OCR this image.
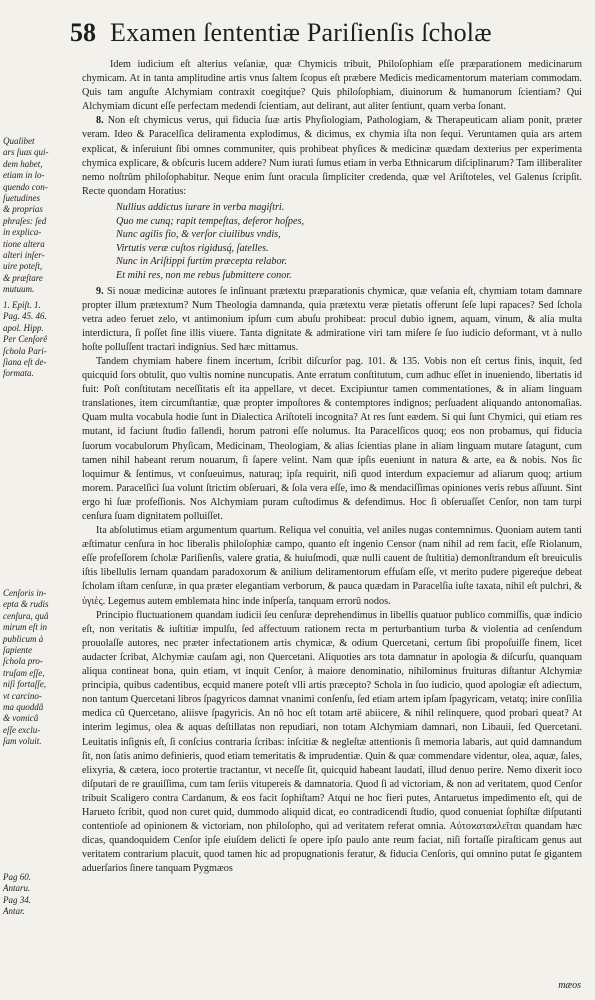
58 Examen ſententiæ Pariſienſis ſcholæ

Idem iudicium eſt alterius veſaniæ, quæ Chymicis tribuit, Philoſophiam eſſe præparationem medicinarum chymicam. At in tanta amplitudine artis vnus ſaltem ſcopus eſt præbere Medicis medicamentorum materiam commodam. Quis tam anguſte Alchymiam contraxit coegitq́ue? Quis philoſophiam, diuinorum & humanorum ſcientiam? Qui Alchymiam dicunt eſſe perfectam medendi ſcientiam, aut delirant, aut aliter ſentiunt, quam verba ſonant.

8. Non eſt chymicus verus, qui fiducia ſuæ artis Phyſiologiam, Pathologiam, & Therapeuticam aliam ponit, præter veram. Ideo & Paracelſica deliramenta explodimus, & dicimus, ex chymia iſta non ſequi. Veruntamen quia ars artem explicat, & inſeruiunt ſibi omnes communiter, quis prohibeat phyſices & medicinæ quædam dexterius per experimenta chymica explicare, & obſcuris lucem addere? Num iurati ſumus etiam in verba Ethnicarum diſciplinarum? Tam illiberaliter nemo noſtrûm philoſophabitur. Neque enim ſunt oracula ſimpliciter credenda, quæ vel Ariſtoteles, vel Galenus ſcripſit. Recte quondam Horatius:

Nullius addictus iurare in verba magiſtri.
Quo me cunq; rapit tempeſtas, deferor hoſpes,
Nunc agilis fio, & verſor ciuilibus vndis,
Virtutis veræ cuſtos rigidusq́, ſatelles.
Nunc in Ariſtippi furtim præcepta relabor.
Et mihi res, non me rebus ſubmittere conor.

9. Si nouæ medicinæ autores ſe inſinuant prætextu præparationis chymicæ, quæ veſania eſt, chymiam totam damnare propter illum prætextum? Num Theologia damnanda, quia prætextu veræ pietatis offerunt ſeſe lupi rapaces? Sed ſchola vetra adeo feruet zelo, vt antimonium ipſum cum abuſu prohibeat: procul dubio ignem, aquam, vinum, & alia multa interdictura, ſi poſſet ſine illis viuere. Tanta dignitate & admiratione viri tam miſere ſe ſuo iudicio deformant, vt à nullo hoſte polluſſent tractari indignius. Sed hæc mittamus.

Tandem chymiam habere finem incertum, ſcribit diſcurſor pag. 101. & 135. Vobis non eſt certus finis, inquit, ſed quicquid ſors obtulit, quo vultis nomine nuncupatis. Ante erratum conſtitutum, cum adhuc eſſet in inueniendo, libertatis id fuit: Poſt conſtitutam neceſſitatis eſt ita appellare, vt decet. Excipiuntur tamen commentationes, & in aliam linguam translationes, item circumſtantiæ, quæ propter impoſtores & contemptores indignos; perſuadent aliquando antonomaſias. Quam multa vocabula hodie ſunt in Dialectica Ariſtoteli incognita? At res ſunt eædem. Si qui ſunt Chymici, qui etiam res mutant, id faciunt ſtudio fallendi, horum patroni eſſe nolumus. Ita Paracelſicos quoq; eos non probamus, qui fiducia ſuorum vocabulorum Phyſicam, Medicinam, Theologiam, & alias ſcientias plane in aliam linguam mutare ſatagunt, cum tamen nihil habeant rerum nouarum, ſi ſapere velint. Nam quæ ipſis eueniunt in natura & arte, ea & nobis. Nos ſic loquimur & ſentimus, vt conſueuimus, naturaq; ipſa requirit, niſi quod interdum expaciemur ad aliarum quoq; artium morem. Paracelſici ſua volunt ſtrictim obſeruari, & ſola vera eſſe, imo & mendaciſſimas opiniones veris rebus aſſuunt. Sint ergo hi ſuæ profeſſionis. Nos Alchymiam puram cuſtodimus & defendimus. Hoc ſi obſeruaſſet Cenſor, non tam turpi cenſura ſuam dignitatem polluiſſet.

Ita abſolutimus etiam argumentum quartum. Reliqua vel conuitia, vel aniles nugas contemnimus. Quoniam autem tanti æſtimatur cenſura in hoc liberalis philoſophiæ campo, quanto eſt ingenio Censor (nam nihil ad rem facit, eſſe Riolanum, eſſe profeſſorem ſcholæ Pariſienſis, valere gratia, & huiuſmodi, quæ nulli cauent de ſtultitia) demonſtrandum eſt breuiculis iſtis libellulis lernam quandam paradoxorum & anilium deliramentorum effuſam eſſe, vt merito pudere pigereq́ue debeat ſcholam iſtam cenſuræ, in qua præter elegantiam verborum, & pauca quædam in Paracelſia iuſte taxata, nihil eſt pulchri, & ὑγιὲς. Legemus autem emblemata hinc inde inſperſa, tanquam errorû nodos.

Principio fluctuationem quandam iudicii ſeu cenſuræ deprehendimus in libellis quatuor publico commiſſis, quæ indicio eſt, non veritatis & iuſtitiæ impulſu, ſed affectuum rationem recta m perturbantium turba & violentia ad cenſendum prouolaſſe autores, nec præter infectationem artis chymicæ, & odium Quercetani, certum ſibi propoſuiſſe finem, licet audacter ſcribat, Alchymiæ cauſam agi, non Quercetani. Aliquoties ars tota damnatur in apologia & diſcurſu, quanquam aliqua contineat bona, quin etiam, vt inquit Cenſor, à maiore denominatio, nihilominus fruituras diſtantur Alchymiæ principia, quibus cadentibus, ecquid manere poteſt vlli artis præcepto? Schola in ſuo iudicio, quod apologiæ eſt adiectum, non tantum Quercetani libros ſpagyricos damnat vnanimi conſenſu, ſed etiam artem ipſam ſpagyricam, vetatq; inire conſilia medica cû Quercetano, aliisve ſpagyricis. An nô hoc eſt totam artë abiicere, & nihil relinquere, quod probari queat? At interim legimus, olea & aquas deſtillatas non repudiari, non totam Alchymiam damnari, non Libauii, ſed Quercetani. Leuitatis inſignis eſt, ſi conſcius contraria ſcribas: inſcitiæ & negleſtæ attentionis ſi memoria labaris, aut quid damnandum ſit, non ſatis animo definieris, quod etiam temeritatis & imprudentiæ. Quin & quæ commendare videntur, olea, aquæ, ſales, elixyria, & cætera, ioco protertie tractantur, vt neceſſe ſit, quicquid habeant laudatî, illud denuo perire. Nemo dixerit ioco diſputari de re grauiſſima, cum tam ſeriis vitupereis & damnatoria. Quod ſi ad victoriam, & non ad veritatem, quod Cenſor tribuit Scaligero contra Cardanum, & eos facit ſophiſtam? Atqui ne hoc fieri putes, Antaruetus impedimento eſt, qui de Harueto ſcribit, quod non curet quid, dummodo aliquid dicat, eo contradicendi ſtudio, quod conueniat ſophiſtæ diſputanti contentioſe ad opinionem & victoriam, non philoſopho, qui ad veritatem referat omnia. Αὐτοϰαταϰλεῖται quandam hæc dicas, quandoquidem Cenſor ipſe eiuſdem delicti ſe opere ipſo paulo ante reum faciat, niſi fortaſſe piraſticam genus aut veritatem contrarium placuit, quod tamen hic ad propugnationis feratur, & fiducia Cenſoris, qui omnino putat ſe gigantem aduerſarios ſinere tanquam Pygmæos

Qualibet
ars ſuas qui-
dem habet,
etiam in lo-
quendo con-
ſuetudines
& proprias
phraſes: ſed
in explica-
tione altera
alteri inſer-
uire poteſt,
& præſtare
mutuum.
1. Epiſt. 1.
Pag. 45. 46.
apol. Hipp.
Per Cenſorê
ſchola Pari-
ſiana eſt de-
formata.
Cenſoris in-
epta & rudis
cenſura, quâ
mirum eſt in
publicum à
ſapiente
ſchola pro-
truſam eſſe,
niſi fortaſſe,
vt carcino-
ma quoddâ
& vomicâ
eſſe exclu-
ſam voluit.
Pag 60.
Antaru.
Pag 34.
Antar.
mæos
